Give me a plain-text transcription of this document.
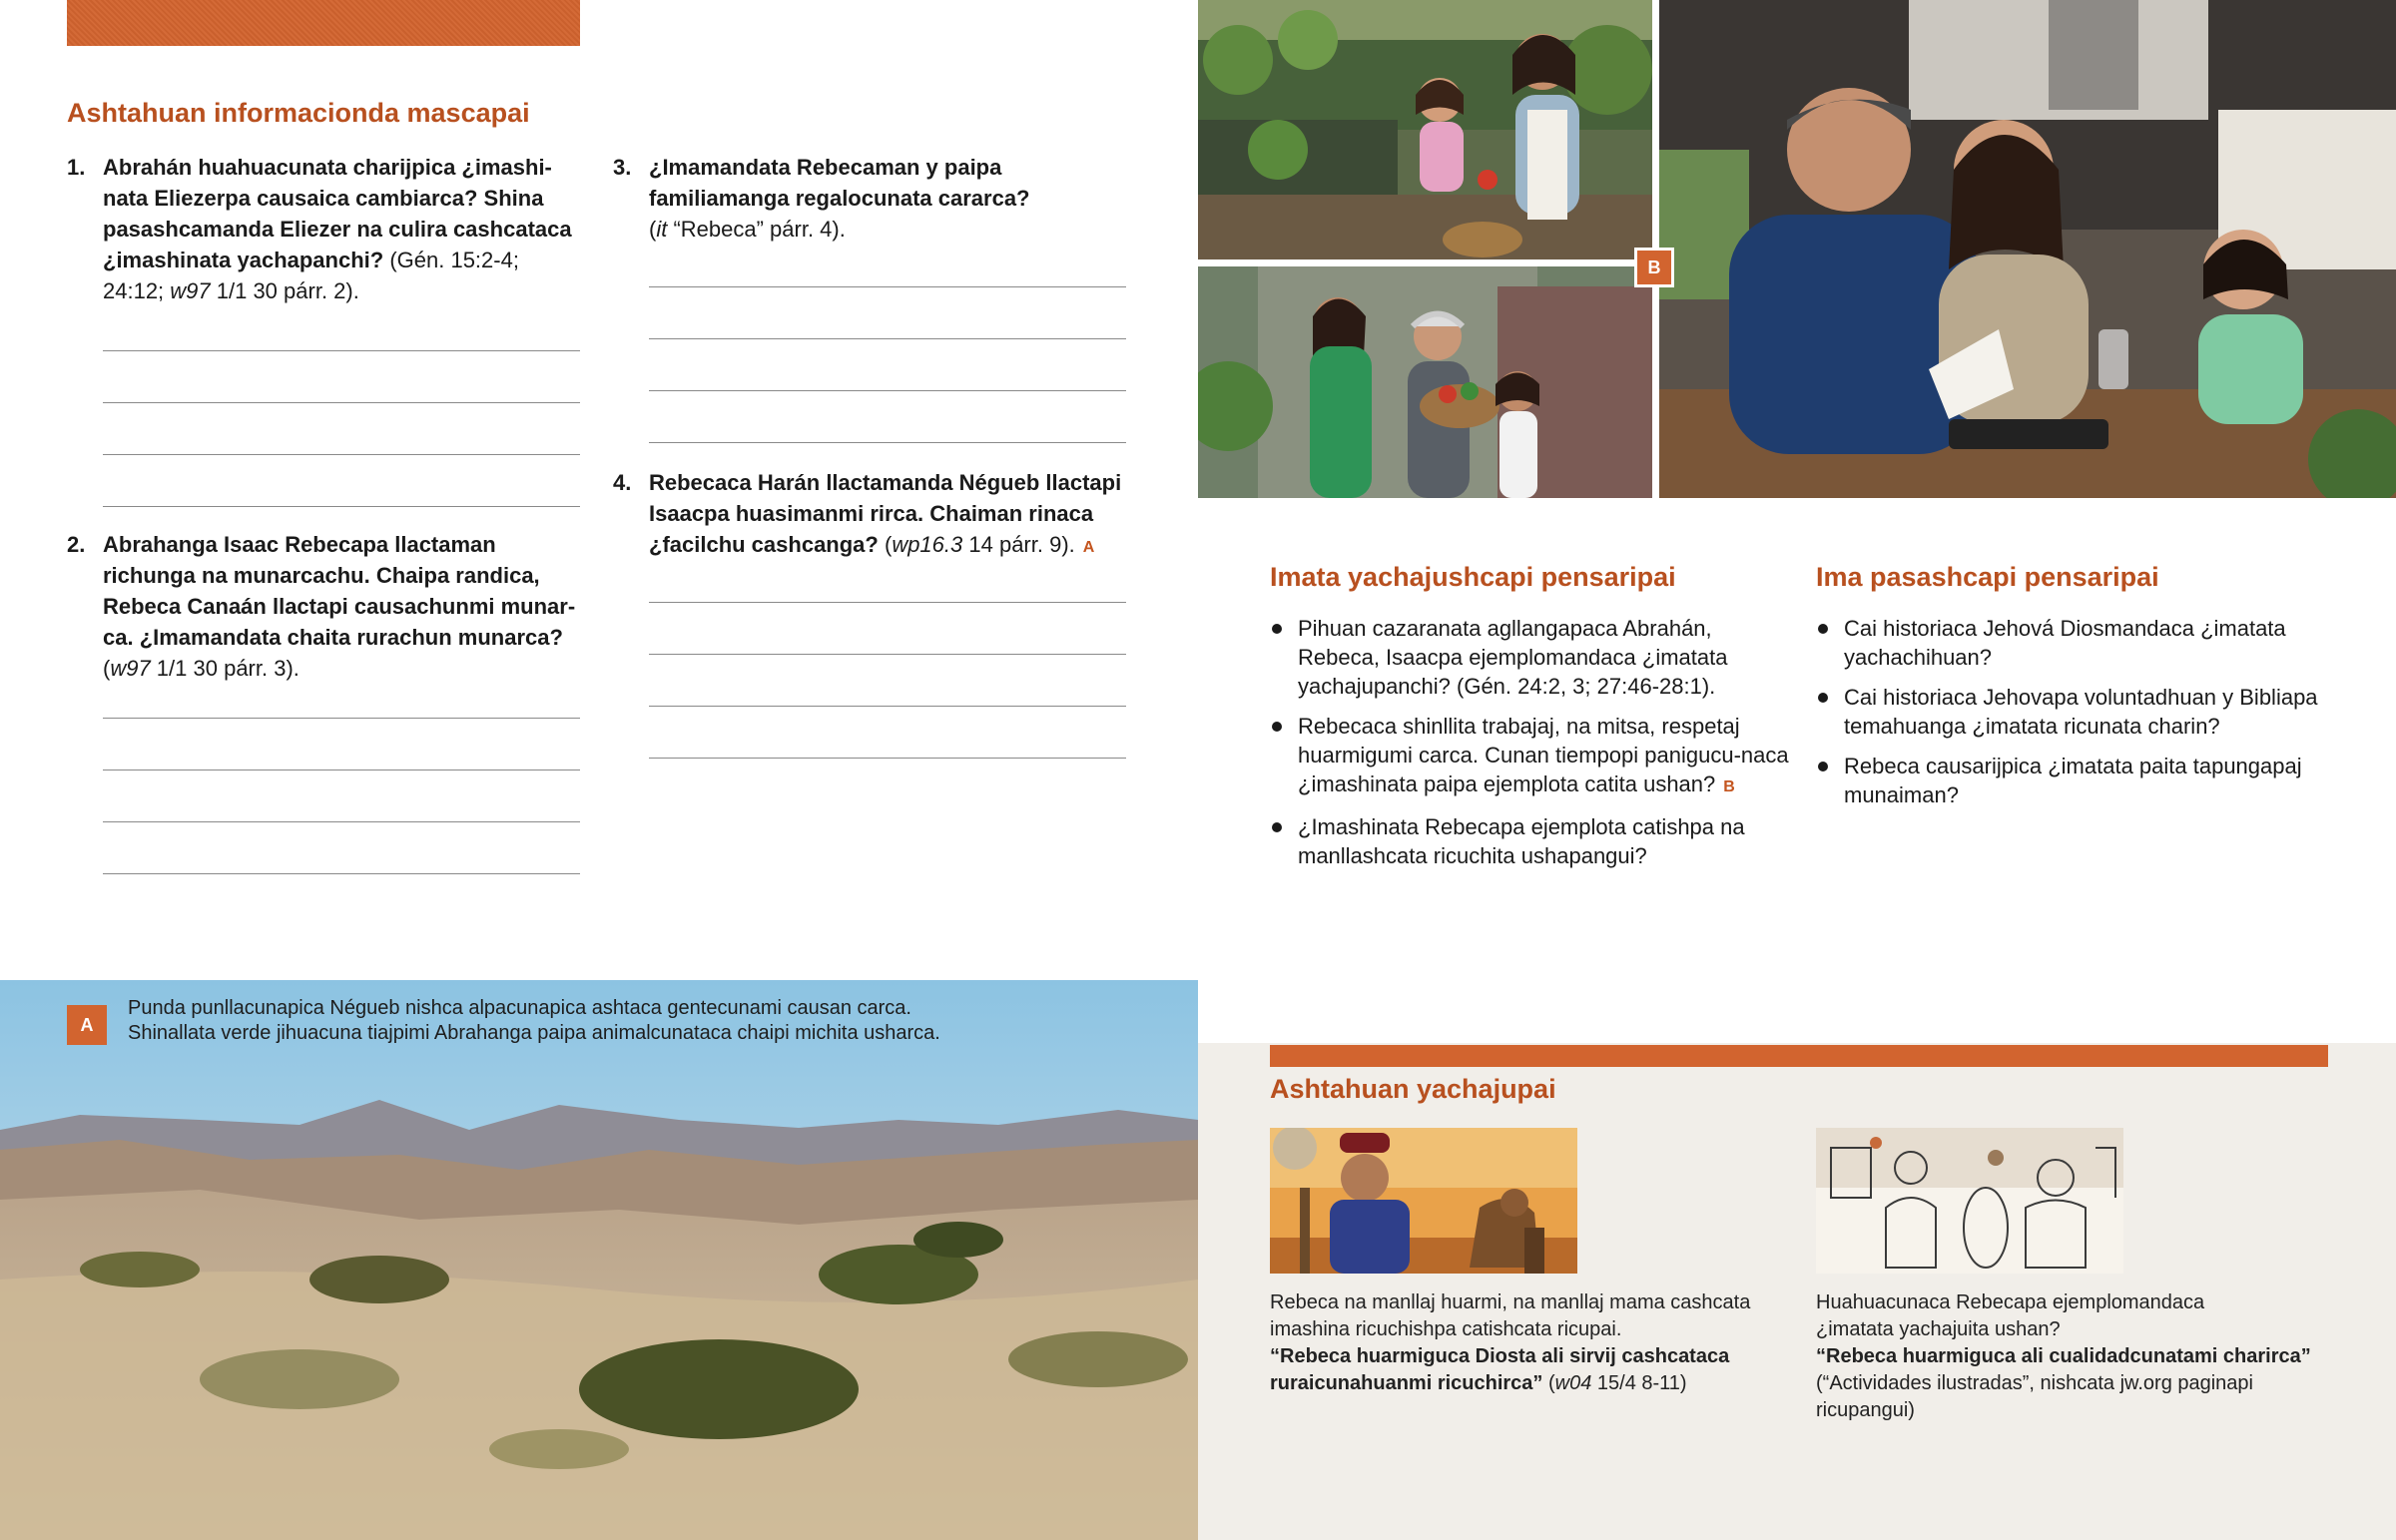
Ashtahuan informacionda mascapai
1. Abrahán huahuacunata charijpica ¿imashi-
nata Eliezerpa causaica cambiarca? Shina
pasashcamanda Eliezer na culira cashcataca
¿imashinata yachapanchi? (Gén. 15:2-4;
24:12; w97 1/1 30 párr. 2).
2. Abrahanga Isaac Rebecapa llactaman
richunga na munarcachu. Chaipa randica,
Rebeca Canaán llactapi causachunmi munar-
ca. ¿Imamandata chaita rurachun munarca?
(w97 1/1 30 párr. 3).
3. ¿Imamandata Rebecaman y paipa
familiamanga regalocunata cararca?
(it “Rebeca” párr. 4).
4. Rebecaca Harán llactamanda Négueb llactapi
Isaacpa huasimanmi rirca. Chaiman rinaca
¿facilchu cashcanga? (wp16.3 14 párr. 9). A
B
Imata yachajushcapi pensaripai
Pihuan cazaranata agllangapaca Abrahán, Rebeca, Isaacpa ejemplomandaca ¿imatata yachajupanchi? (Gén. 24:2, 3; 27:46-28:1).
Rebecaca shinllita trabajaj, na mitsa, respetaj huarmigumi carca. Cunan tiempopi panigucu-naca ¿imashinata paipa ejemplota catita ushan? B
¿Imashinata Rebecapa ejemplota catishpa na manllashcata ricuchita ushapangui?
Ima pasashcapi pensaripai
Cai historiaca Jehová Diosmandaca ¿imatata yachachihuan?
Cai historiaca Jehovapa voluntadhuan y Bibliapa temahuanga ¿imatata ricunata charin?
Rebeca causarijpica ¿imatata paita tapungapaj munaiman?
A
Punda punllacunapica Négueb nishca alpacunapica ashtaca gentecunami causan carca.
Shinallata verde jihuacuna tiajpimi Abrahanga paipa animalcunataca chaipi michita usharca.
Ashtahuan yachajupai
Rebeca na manllaj huarmi, na manllaj mama cashcata
imashina ricuchishpa catishcata ricupai.
“Rebeca huarmiguca Diosta ali sirvij cashcataca
ruraicunahuanmi ricuchirca” (w04 15/4 8-11)
Huahuacunaca Rebecapa ejemplomandaca
¿imatata yachajuita ushan?
“Rebeca huarmiguca ali cualidadcunatami charirca”
(“Actividades ilustradas”, nishcata jw.org paginapi
ricupangui)
